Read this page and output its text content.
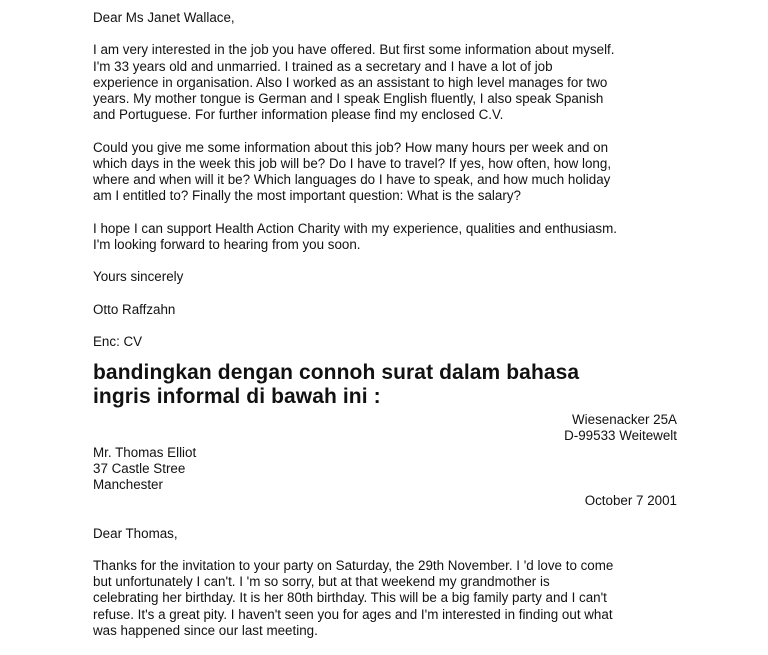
Dear Ms Janet Wallace,

I am very interested in the job you have offered. But first some information about myself.
I'm 33 years old and unmarried. I trained as a secretary and I have a lot of job
experience in organisation. Also I worked as an assistant to high level manages for two
years. My mother tongue is German and I speak English fluently, I also speak Spanish
and Portuguese. For further information please find my enclosed C.V.

Could you give me some information about this job? How many hours per week and on
which days in the week this job will be? Do I have to travel? If yes, how often, how long,
where and when will it be? Which languages do I have to speak, and how much holiday
am I entitled to? Finally the most important question: What is the salary?

I hope I can support Health Action Charity with my experience, qualities and enthusiasm.
I'm looking forward to hearing from you soon.

Yours sincerely

Otto Raffzahn

Enc: CV

bandingkan dengan connoh surat dalam bahasa
ingris informal di bawah ini :

Wiesenacker 25A
D-99533 Weitewelt

Mr. Thomas Elliot
37 Castle Stree
Manchester

October 7 2001

Dear Thomas,

Thanks for the invitation to your party on Saturday, the 29th November. I 'd love to come
but unfortunately I can't. I 'm so sorry, but at that weekend my grandmother is
celebrating her birthday. It is her 80th birthday. This will be a big family party and I can't
refuse. It's a great pity. I haven't seen you for ages and I'm interested in finding out what
was happened since our last meeting.
